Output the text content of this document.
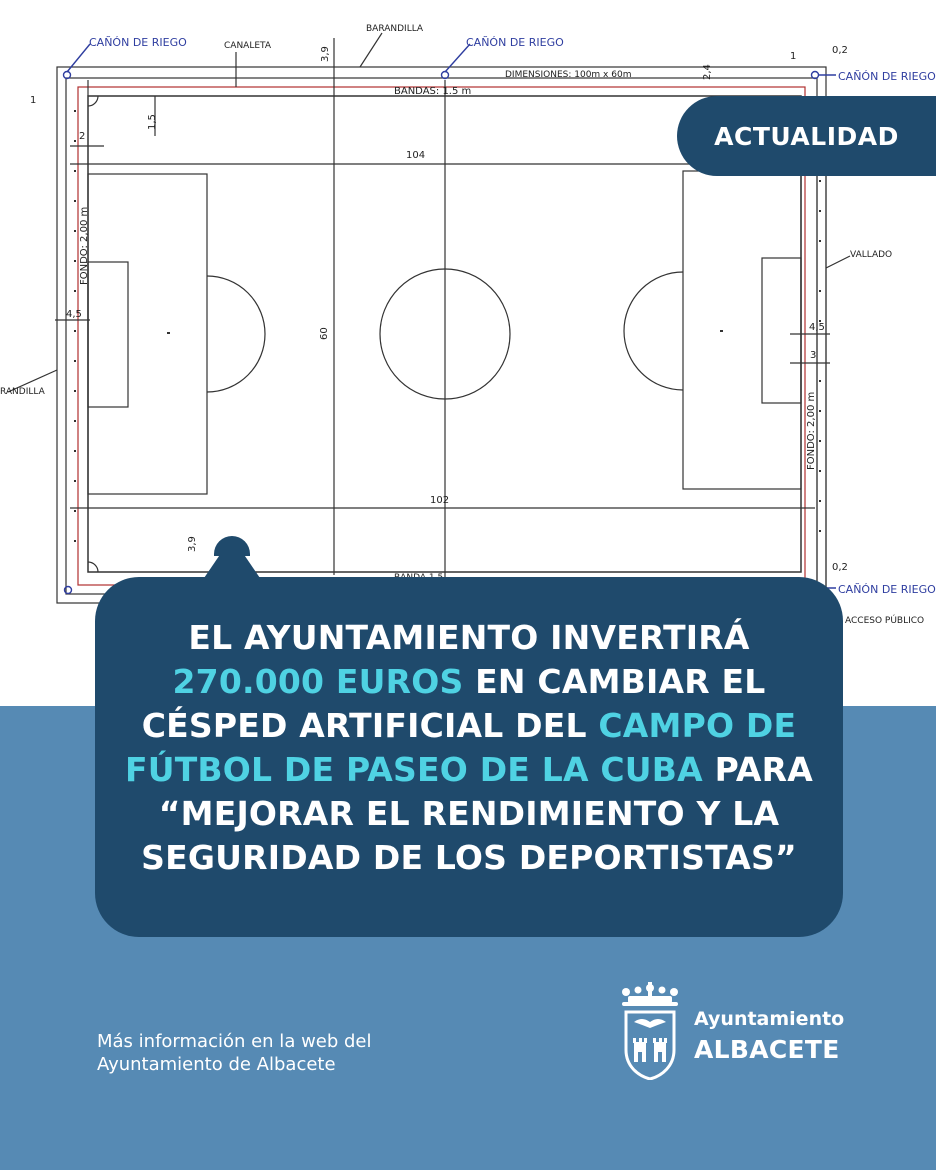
CAÑÓN DE RIEGO	CAÑÓN DE RIEGO
CAÑÓN DE RIEGO
CAÑÓN DE RIEGO
BARANDILLA
RANDILLA
CANALETA
DIMENSIONES: 100m x 60m
BANDAS: 1.5 m
VALLADO
ACCESO PÚBLICO
FONDO: 2,00 m
FONDO: 2,00 m
3,9
3,9
1
1,5
2
104
102
60
4,5
4,5
3
2,4
1
0,2
0,2
ACTUALIDAD
EL AYUNTAMIENTO INVERTIRÁ
270.000 EUROS EN CAMBIAR EL CÉSPED ARTIFICIAL DEL CAMPO DE FÚTBOL DE PASEO DE LA CUBA PARA “MEJORAR EL RENDIMIENTO Y LA SEGURIDAD DE LOS DEPORTISTAS”
Más información en la web del
Ayuntamiento de Albacete
Ayuntamiento
ALBACETE
